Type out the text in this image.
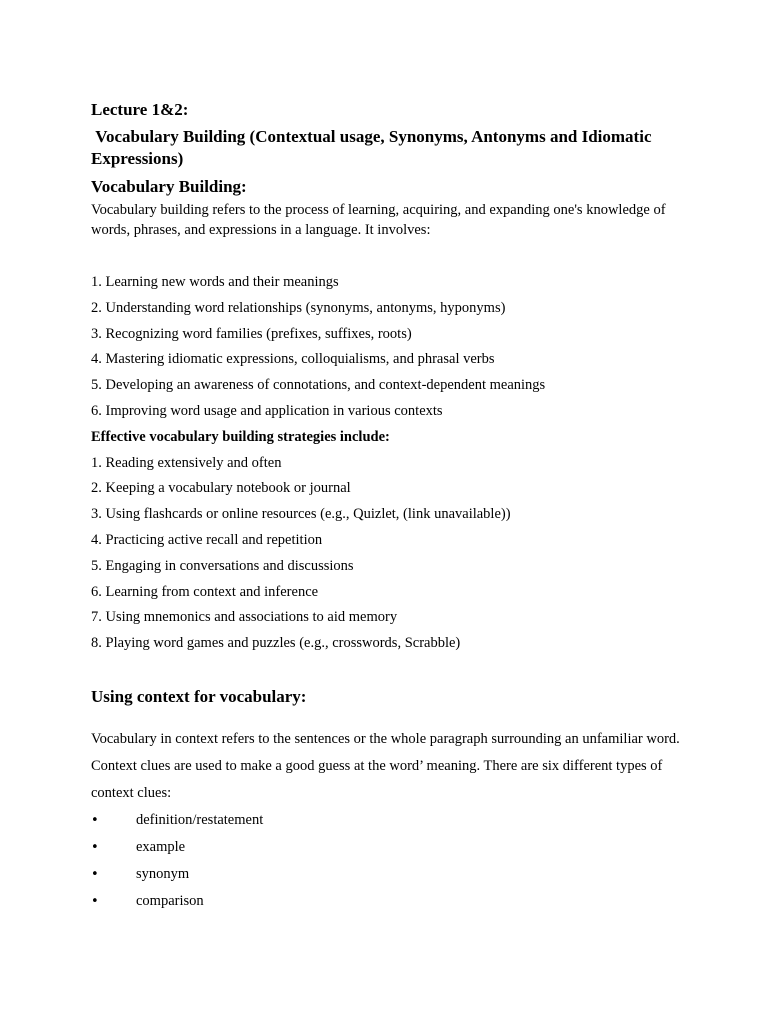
Lecture 1&2:
Vocabulary Building (Contextual usage, Synonyms, Antonyms and Idiomatic Expressions)
Vocabulary Building:

Vocabulary building refers to the process of learning, acquiring, and expanding one's knowledge of words, phrases, and expressions in a language. It involves:

1. Learning new words and their meanings
2. Understanding word relationships (synonyms, antonyms, hyponyms)
3. Recognizing word families (prefixes, suffixes, roots)
4. Mastering idiomatic expressions, colloquialisms, and phrasal verbs
5. Developing an awareness of connotations, and context-dependent meanings
6. Improving word usage and application in various contexts

Effective vocabulary building strategies include:

1. Reading extensively and often
2. Keeping a vocabulary notebook or journal
3. Using flashcards or online resources (e.g., Quizlet, (link unavailable))
4. Practicing active recall and repetition
5. Engaging in conversations and discussions
6. Learning from context and inference
7. Using mnemonics and associations to aid memory
8. Playing word games and puzzles (e.g., crosswords, Scrabble)
Using context for vocabulary:

Vocabulary in context refers to the sentences or the whole paragraph surrounding an unfamiliar word. Context clues are used to make a good guess at the word’ meaning. There are six different types of context clues:

•	definition/restatement
•	example
•	synonym
•	comparison
